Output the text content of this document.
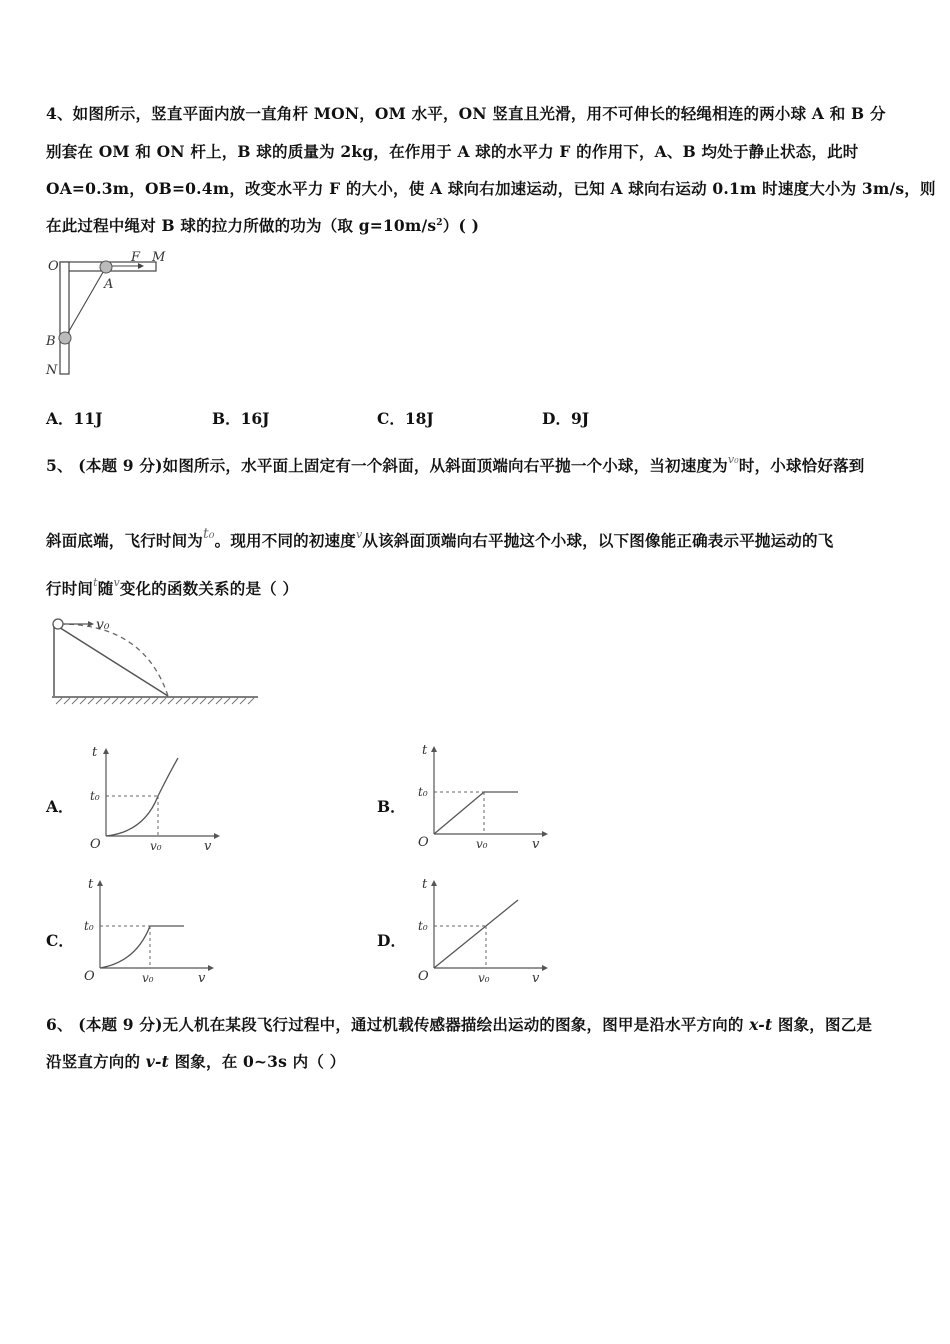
4、如图所示，竖直平面内放一直角杆 MON，OM 水平，ON 竖直且光滑，用不可伸长的轻绳相连的两小球 A 和 B 分
别套在 OM 和 ON 杆上，B 球的质量为 2kg，在作用于 A 球的水平力 F 的作用下，A、B 均处于静止状态，此时
OA=0.3m，OB=0.4m，改变水平力 F 的大小，使 A 球向右加速运动，已知 A 球向右运动 0.1m 时速度大小为 3m/s，则
在此过程中绳对 B 球的拉力所做的功为（取 $g=10m/s^2$）( )
O
F M
A
B
N
A．11J	B．16J	C．18J	D．9J
5、 (本题 9 分)如图所示，水平面上固定有一个斜面，从斜面顶端向右平抛一个小球，当初速度为$^{v_0}$时，小球恰好落到
斜面底端，飞行时间为t₀。现用不同的初速度$^v$从该斜面顶端向右平抛这个小球，以下图像能正确表示平抛运动的飞
行时间$^t$随$^v$变化的函数关系的是（ ）
v₀
A．
t
t₀
O	v₀	v
B．
t
t₀
O	v₀	v
C．
t
t₀
O	v₀	v
D．
t
t₀
O	v₀	v
6、 (本题 9 分)无人机在某段飞行过程中，通过机载传感器描绘出运动的图象，图甲是沿水平方向的 x-t 图象，图乙是
沿竖直方向的 v-t 图象，在 0~3s 内（ ）
